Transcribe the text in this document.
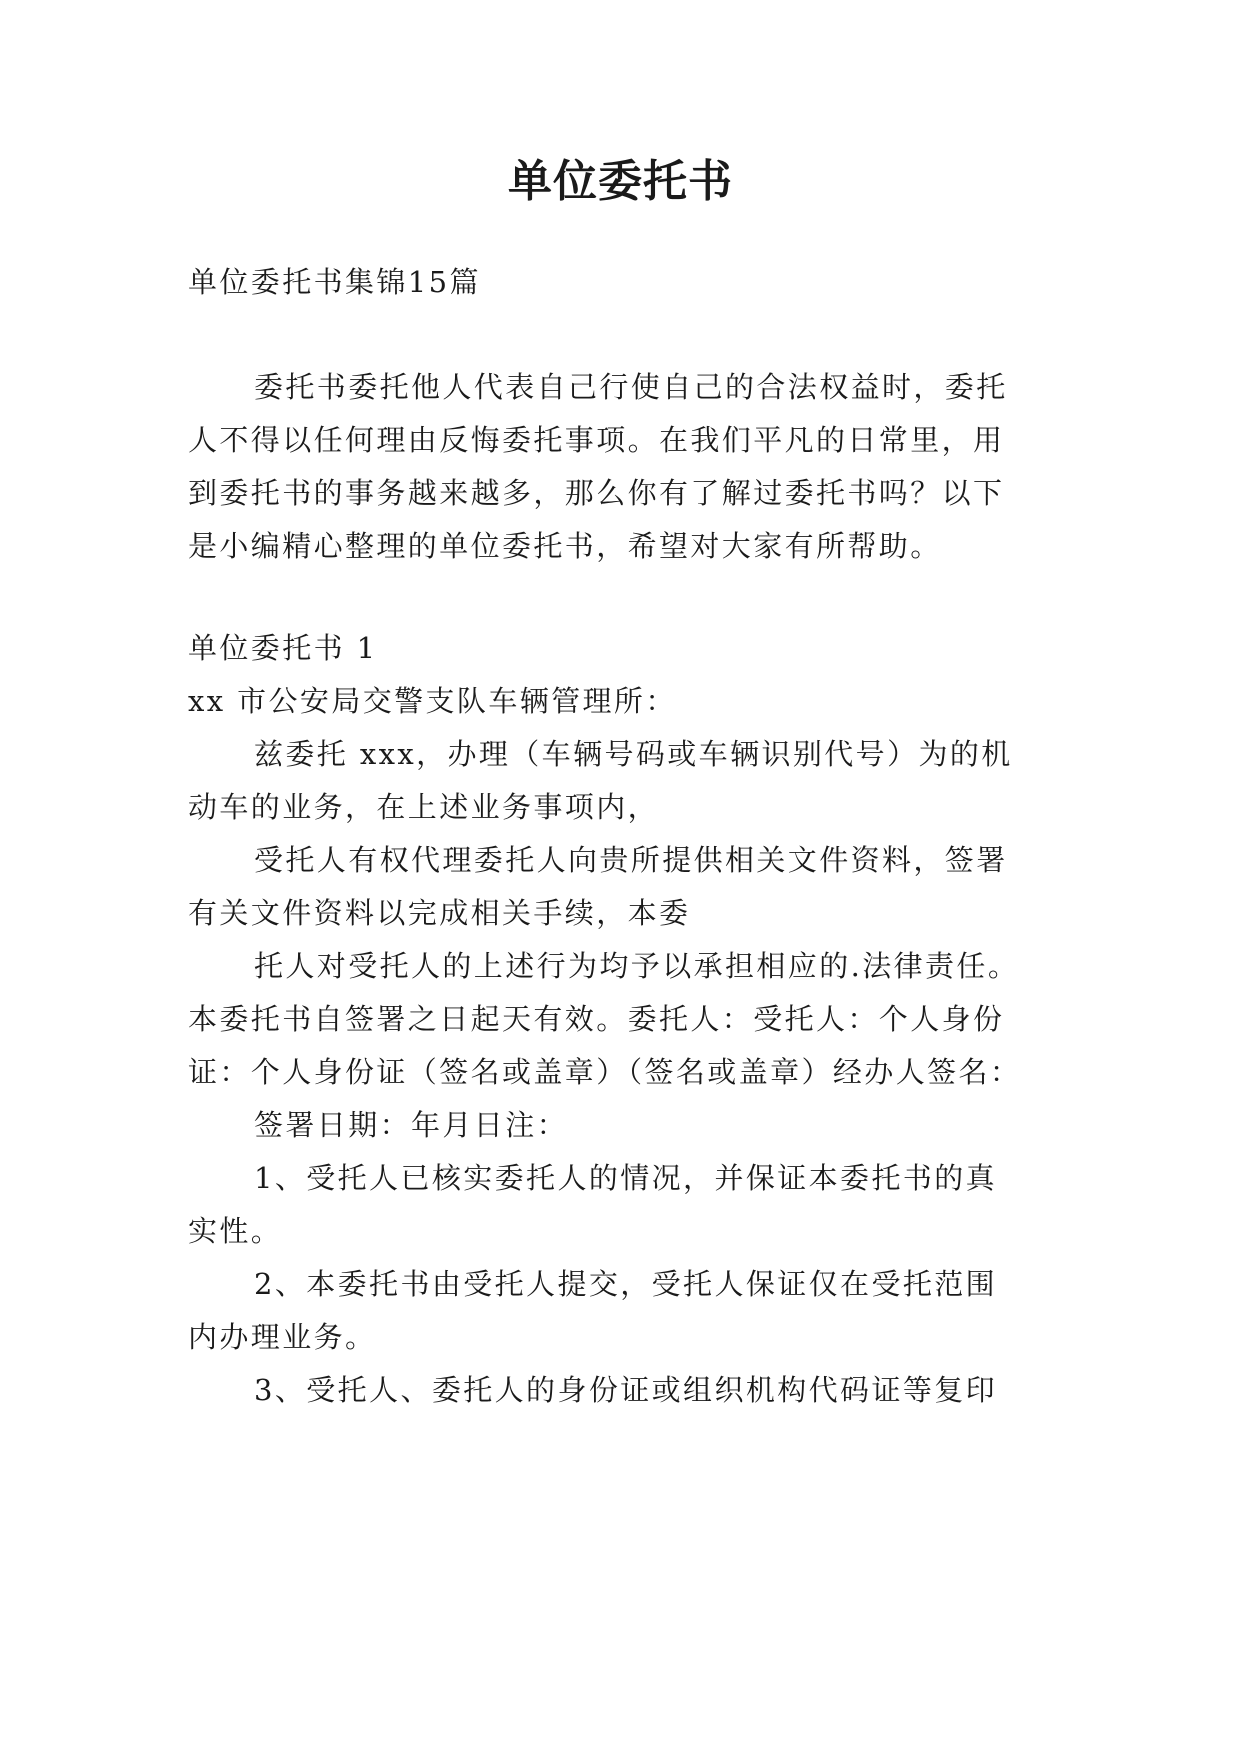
单位委托书
单位委托书集锦15篇
委托书委托他人代表自己行使自己的合法权益时，委托
人不得以任何理由反悔委托事项。在我们平凡的日常里，用
到委托书的事务越来越多，那么你有了解过委托书吗？以下
是小编精心整理的单位委托书，希望对大家有所帮助。
单位委托书 1
xx 市公安局交警支队车辆管理所：
兹委托 xxx，办理（车辆号码或车辆识别代号）为的机
动车的业务，在上述业务事项内，
受托人有权代理委托人向贵所提供相关文件资料，签署
有关文件资料以完成相关手续，本委
托人对受托人的上述行为均予以承担相应的.法律责任。
本委托书自签署之日起天有效。委托人：受托人：个人身份
证：个人身份证（签名或盖章）（签名或盖章）经办人签名：
签署日期：年月日注：
1、受托人已核实委托人的情况，并保证本委托书的真
实性。
2、本委托书由受托人提交，受托人保证仅在受托范围
内办理业务。
3、受托人、委托人的身份证或组织机构代码证等复印
